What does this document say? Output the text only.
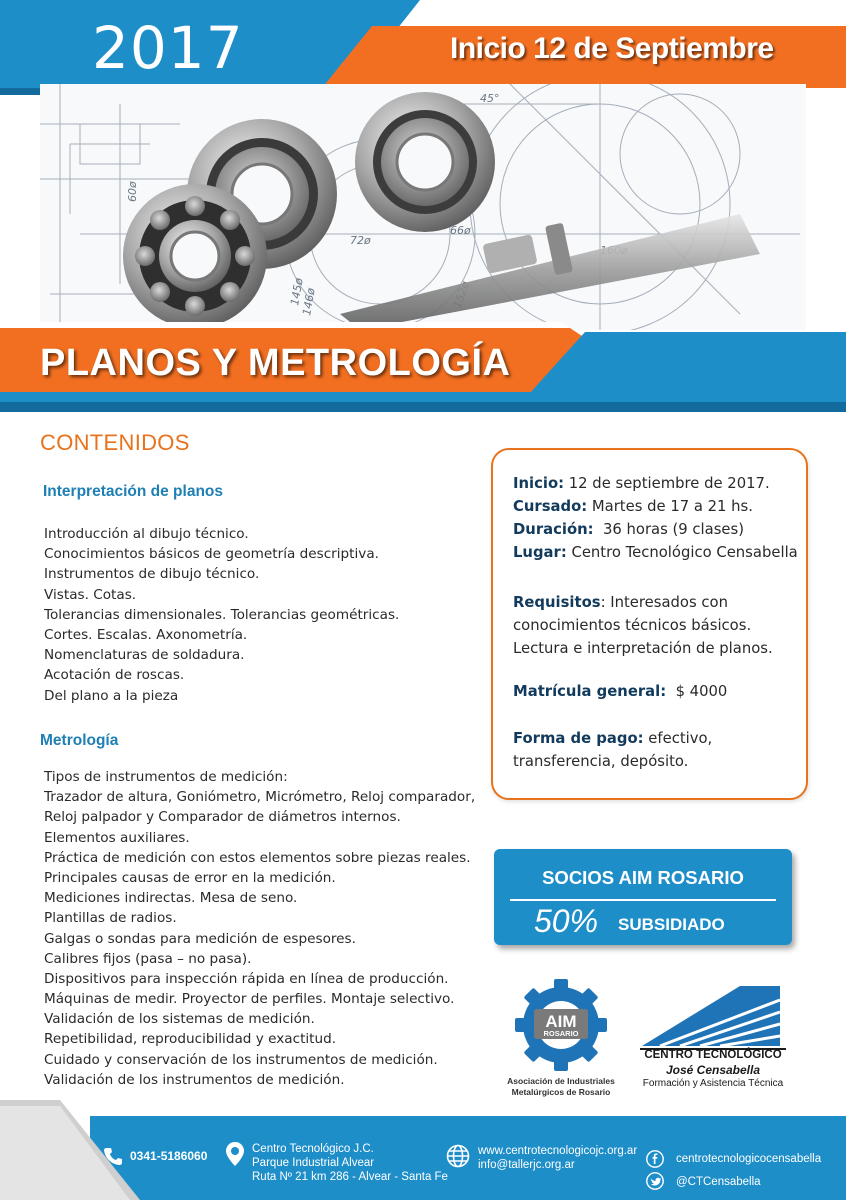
2017	Inicio 12 de Septiembre
45°
72ø
66ø
60ø
146ø
145ø
PLANOS Y METROLOGÍA
CONTENIDOS
Interpretación de planos
Introducción al dibujo técnico.
Conocimientos básicos de geometría descriptiva.
Instrumentos de dibujo técnico.
Vistas. Cotas.
Tolerancias dimensionales. Tolerancias geométricas.
Cortes. Escalas. Axonometría.
Nomenclaturas de soldadura.
Acotación de roscas.
Del plano a la pieza
Metrología
Tipos de instrumentos de medición:
Trazador de altura, Goniómetro, Micrómetro, Reloj comparador,
Reloj palpador y Comparador de diámetros internos.
Elementos auxiliares.
Práctica de medición con estos elementos sobre piezas reales.
Principales causas de error en la medición.
Mediciones indirectas. Mesa de seno.
Plantillas de radios.
Galgas o sondas para medición de espesores.
Calibres fijos (pasa – no pasa).
Dispositivos para inspección rápida en línea de producción.
Máquinas de medir. Proyector de perfiles. Montaje selectivo.
Validación de los sistemas de medición.
Repetibilidad, reproducibilidad y exactitud.
Cuidado y conservación de los instrumentos de medición.
Validación de los instrumentos de medición.
Inicio: 12 de septiembre de 2017.
Cursado: Martes de 17 a 21 hs.
Duración: 36 horas (9 clases)
Lugar: Centro Tecnológico Censabella
Requisitos: Interesados con conocimientos técnicos básicos. Lectura e interpretación de planos.
Matrícula general: $ 4000
Forma de pago: efectivo, transferencia, depósito.
SOCIOS AIM ROSARIO
50% SUBSIDIADO
AIM
ROSARIO
Asociación de Industriales
Metalúrgicos de Rosario
CENTRO TECNOLÓGICO
José Censabella
Formación y Asistencia Técnica
0341-5186060	Centro Tecnológico J.C.
Parque Industrial Alvear
Ruta Nº 21 km 286 - Alvear - Santa Fe
www.centrotecnologicojc.org.ar
info@tallerjc.org.ar	centrotecnologicocensabella
@CTCensabella
